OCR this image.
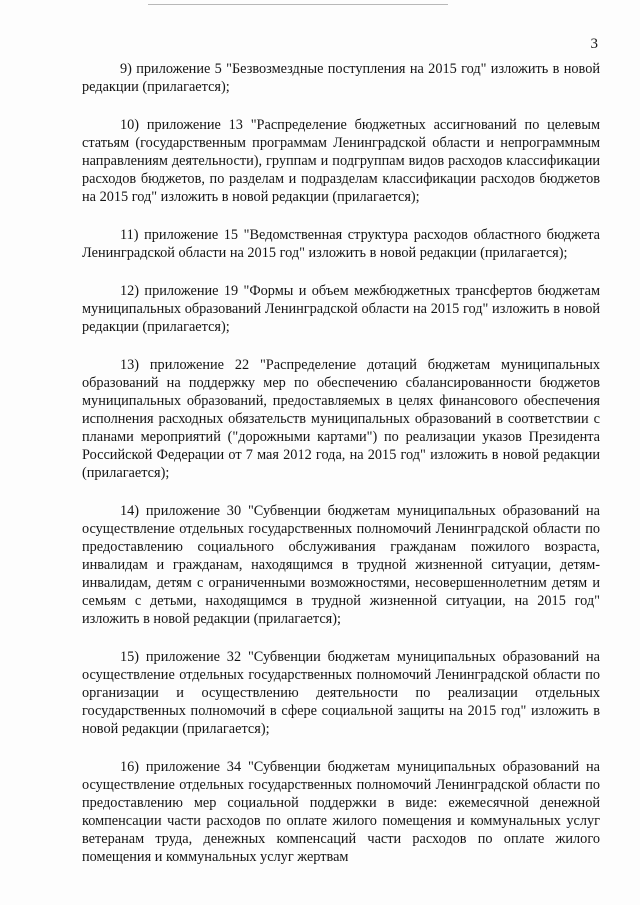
3

9) приложение 5 "Безвозмездные поступления на 2015 год" изложить в новой редакции (прилагается);

10) приложение 13 "Распределение бюджетных ассигнований по целевым статьям (государственным программам Ленинградской области и непрограммным направлениям деятельности), группам и подгруппам видов расходов классификации расходов бюджетов, по разделам и подразделам классификации расходов бюджетов на 2015 год" изложить в новой редакции (прилагается);

11) приложение 15 "Ведомственная структура расходов областного бюджета Ленинградской области на 2015 год" изложить в новой редакции (прилагается);

12) приложение 19 "Формы и объем межбюджетных трансфертов бюджетам муниципальных образований Ленинградской области на 2015 год" изложить в новой редакции (прилагается);

13) приложение 22 "Распределение дотаций бюджетам муниципальных образований на поддержку мер по обеспечению сбалансированности бюджетов муниципальных образований, предоставляемых в целях финансового обеспечения исполнения расходных обязательств муниципальных образований в соответствии с планами мероприятий ("дорожными картами") по реализации указов Президента Российской Федерации от 7 мая 2012 года, на 2015 год" изложить в новой редакции (прилагается);

14) приложение 30 "Субвенции бюджетам муниципальных образований на осуществление отдельных государственных полномочий Ленинградской области по предоставлению социального обслуживания гражданам пожилого возраста, инвалидам и гражданам, находящимся в трудной жизненной ситуации, детям-инвалидам, детям с ограниченными возможностями, несовершеннолетним детям и семьям с детьми, находящимся в трудной жизненной ситуации, на 2015 год" изложить в новой редакции (прилагается);

15) приложение 32 "Субвенции бюджетам муниципальных образований на осуществление отдельных государственных полномочий Ленинградской области по организации и осуществлению деятельности по реализации отдельных государственных полномочий в сфере социальной защиты на 2015 год" изложить в новой редакции (прилагается);

16) приложение 34 "Субвенции бюджетам муниципальных образований на осуществление отдельных государственных полномочий Ленинградской области по предоставлению мер социальной поддержки в виде: ежемесячной денежной компенсации части расходов по оплате жилого помещения и коммунальных услуг ветеранам труда, денежных компенсаций части расходов по оплате жилого помещения и коммунальных услуг жертвам
